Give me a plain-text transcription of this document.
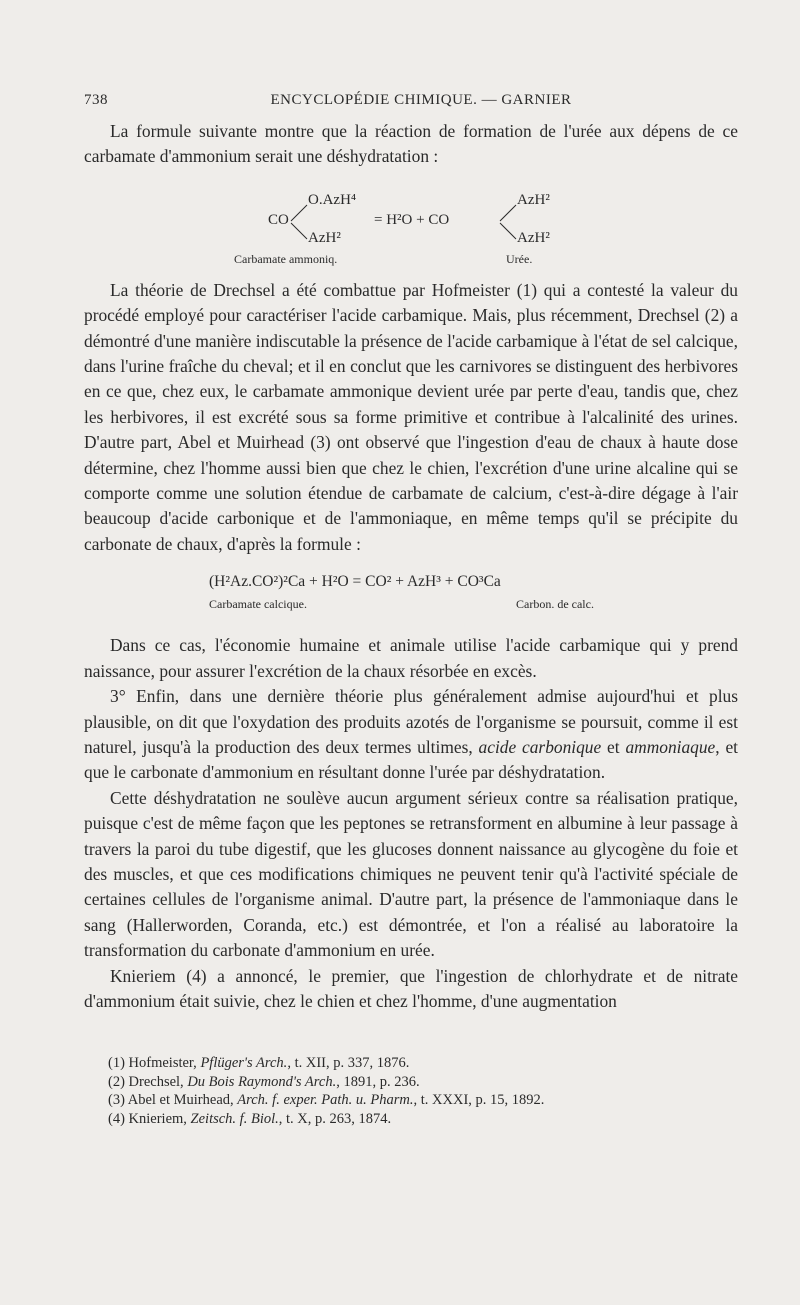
738	ENCYCLOPÉDIE CHIMIQUE. — GARNIER

La formule suivante montre que la réaction de formation de l'urée aux dépens de ce carbamate d'ammonium serait une déshydratation :

CO
O.AzH⁴
AzH²
= H²O + CO
AzH²
AzH²
Carbamate ammoniq.	Urée.

La théorie de Drechsel a été combattue par Hofmeister (1) qui a contesté la valeur du procédé employé pour caractériser l'acide carbamique. Mais, plus récemment, Drechsel (2) a démontré d'une manière indiscutable la présence de l'acide carbamique à l'état de sel calcique, dans l'urine fraîche du cheval; et il en conclut que les carnivores se distinguent des herbivores en ce que, chez eux, le carbamate ammonique devient urée par perte d'eau, tandis que, chez les herbivores, il est excrété sous sa forme primitive et contribue à l'alcalinité des urines. D'autre part, Abel et Muirhead (3) ont observé que l'ingestion d'eau de chaux à haute dose détermine, chez l'homme aussi bien que chez le chien, l'excrétion d'une urine alcaline qui se comporte comme une solution étendue de carbamate de calcium, c'est-à-dire dégage à l'air beaucoup d'acide carbonique et de l'ammoniaque, en même temps qu'il se précipite du carbonate de chaux, d'après la formule :

(H²Az.CO²)²Ca + H²O = CO² + AzH³ + CO³Ca
Carbamate calcique.	Carbon. de calc.

Dans ce cas, l'économie humaine et animale utilise l'acide carbamique qui y prend naissance, pour assurer l'excrétion de la chaux résorbée en excès.

3° Enfin, dans une dernière théorie plus généralement admise aujourd'hui et plus plausible, on dit que l'oxydation des produits azotés de l'organisme se poursuit, comme il est naturel, jusqu'à la production des deux termes ultimes, acide carbonique et ammoniaque, et que le carbonate d'ammonium en résultant donne l'urée par déshydratation.

Cette déshydratation ne soulève aucun argument sérieux contre sa réalisation pratique, puisque c'est de même façon que les peptones se retransforment en albumine à leur passage à travers la paroi du tube digestif, que les glucoses donnent naissance au glycogène du foie et des muscles, et que ces modifications chimiques ne peuvent tenir qu'à l'activité spéciale de certaines cellules de l'organisme animal. D'autre part, la présence de l'ammoniaque dans le sang (Hallerworden, Coranda, etc.) est démontrée, et l'on a réalisé au laboratoire la transformation du carbonate d'ammonium en urée.

Knieriem (4) a annoncé, le premier, que l'ingestion de chlorhydrate et de nitrate d'ammonium était suivie, chez le chien et chez l'homme, d'une augmentation

(1) Hofmeister, Pflüger's Arch., t. XII, p. 337, 1876.
(2) Drechsel, Du Bois Raymond's Arch., 1891, p. 236.
(3) Abel et Muirhead, Arch. f. exper. Path. u. Pharm., t. XXXI, p. 15, 1892.
(4) Knieriem, Zeitsch. f. Biol., t. X, p. 263, 1874.
